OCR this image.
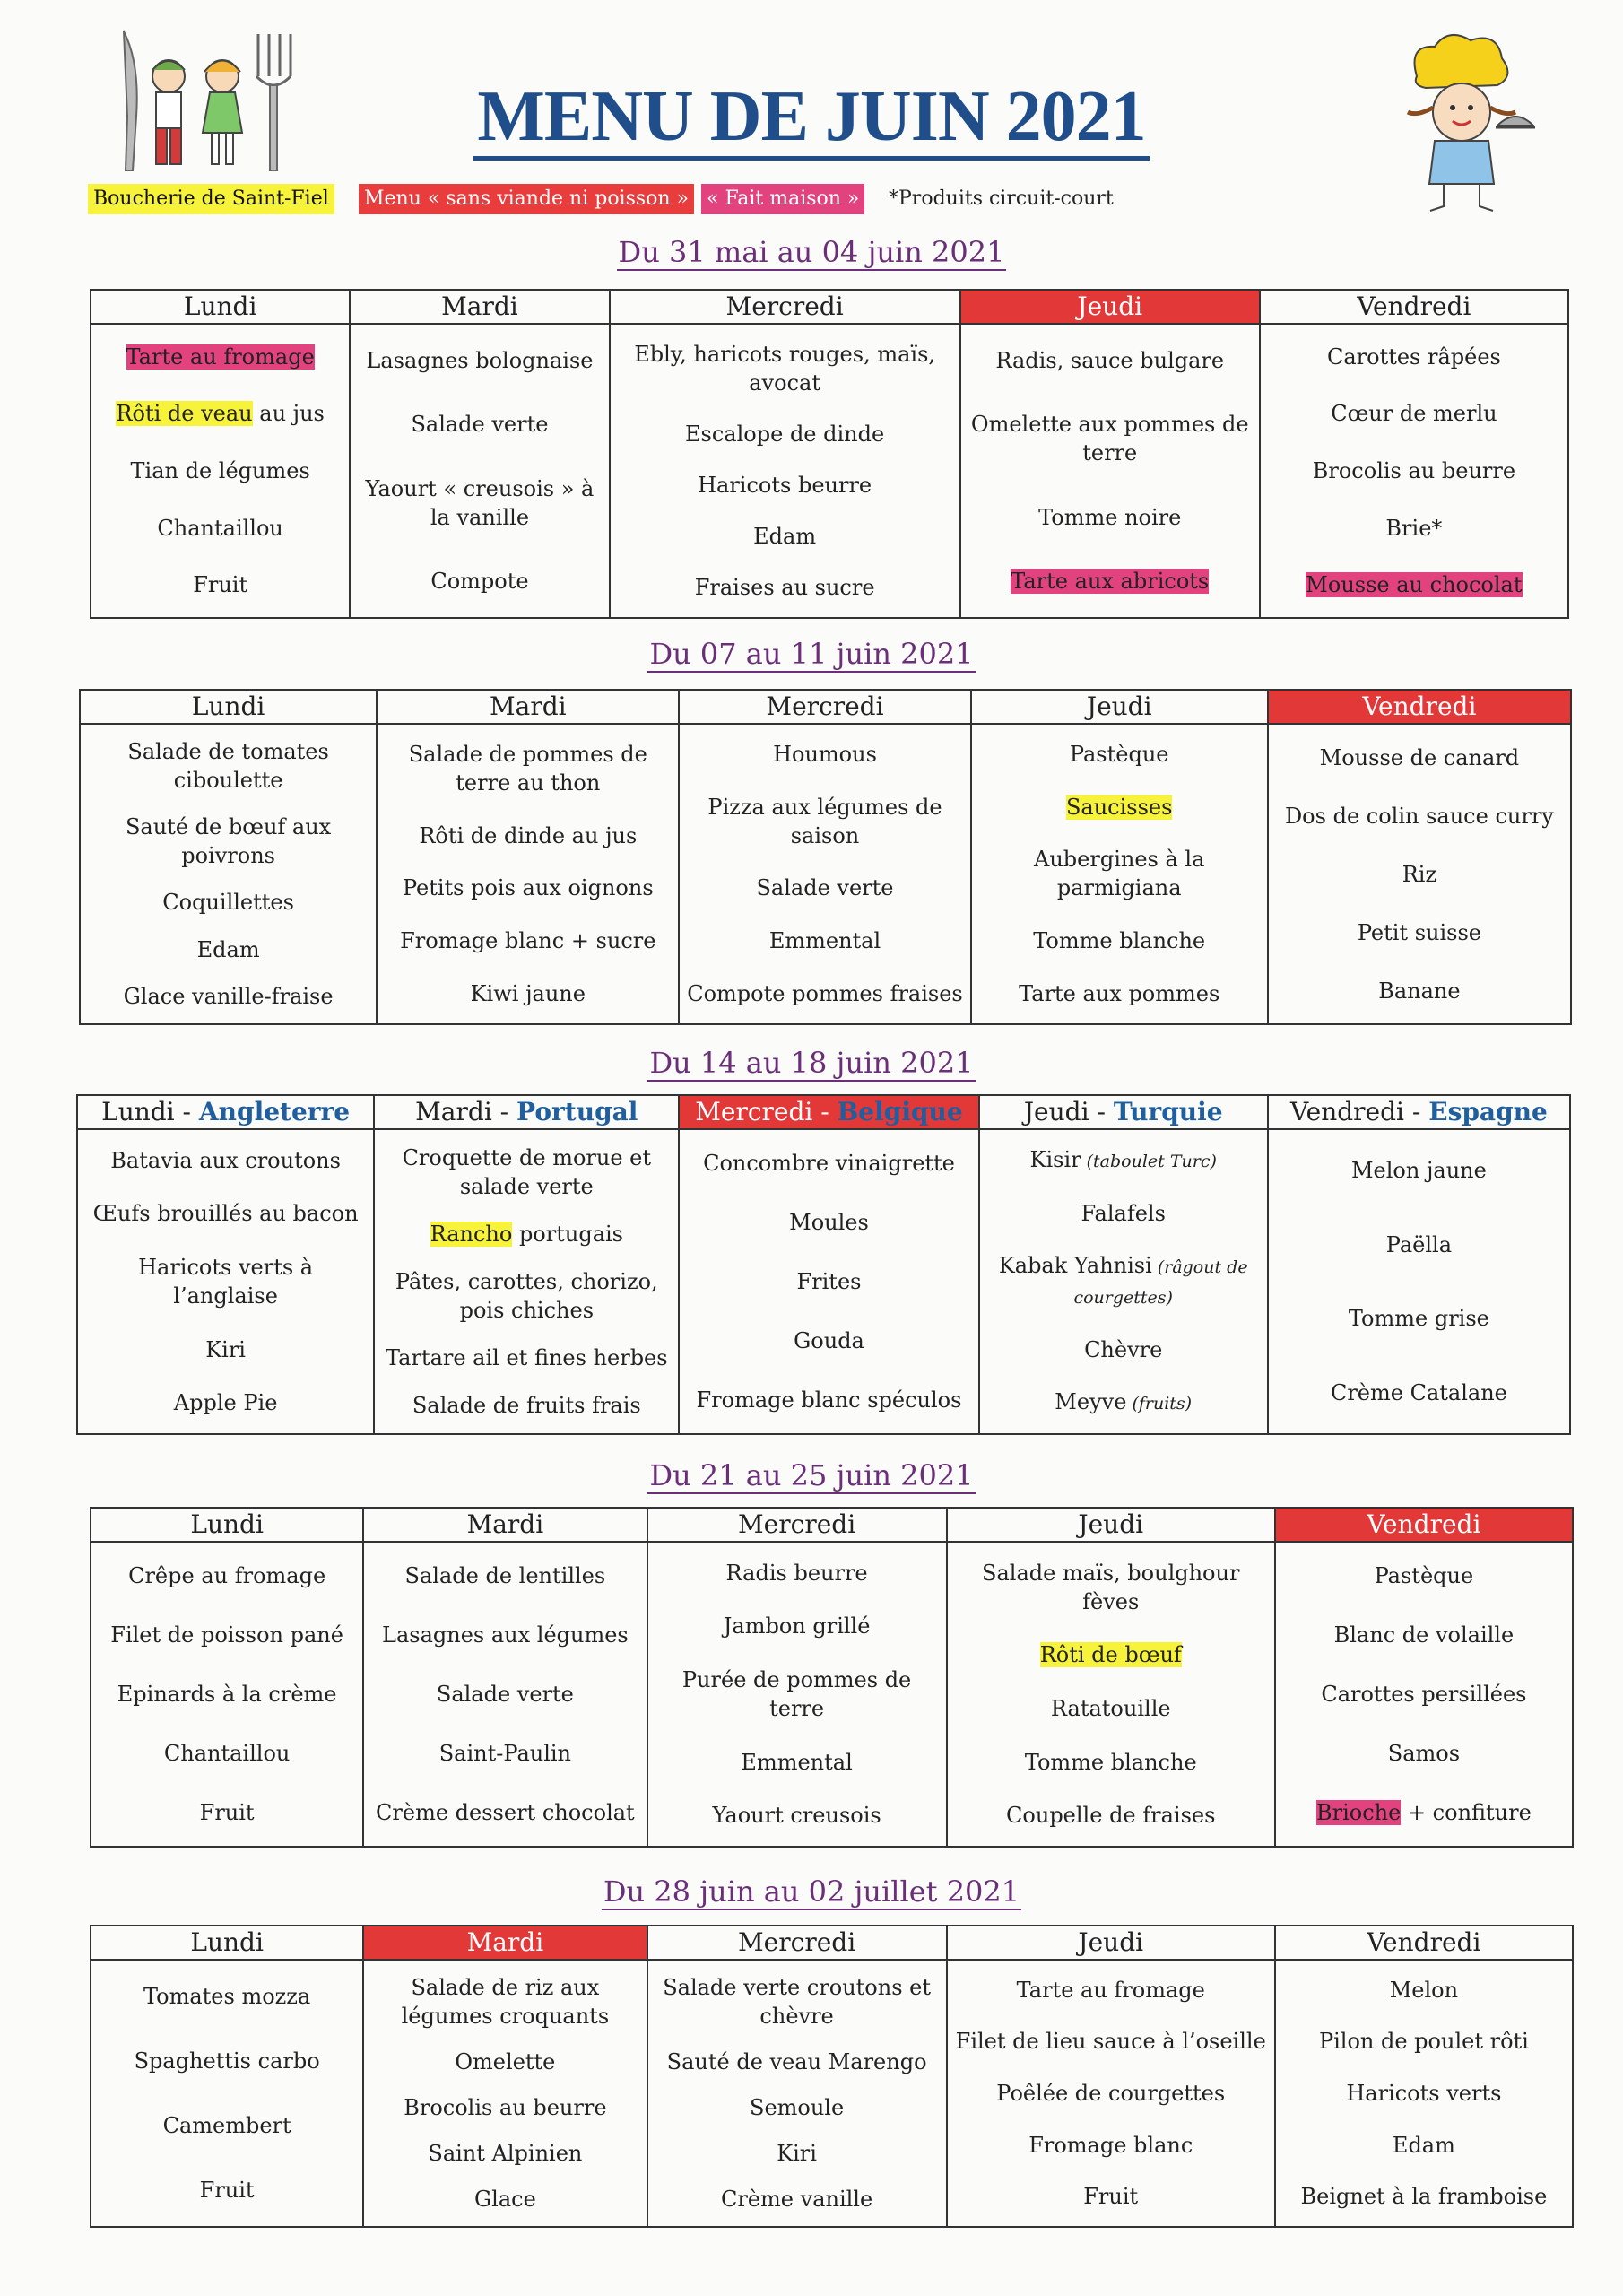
MENU DE JUIN 2021
Boucherie de Saint-Fiel Menu « sans viande ni poisson » « Fait maison » *Produits circuit-court
Du 31 mai au 04 juin 2021
Lundi
Tarte au fromage
Rôti de veau au jus
Tian de légumes
Chantaillou
Fruit
Mardi
Lasagnes bolognaise
Salade verte
Yaourt « creusois » à la vanille
Compote
Mercredi
Ebly, haricots rouges, maïs, avocat
Escalope de dinde
Haricots beurre
Edam
Fraises au sucre
Jeudi
Radis, sauce bulgare
Omelette aux pommes de terre
Tomme noire
Tarte aux abricots
Vendredi
Carottes râpées
Cœur de merlu
Brocolis au beurre
Brie*
Mousse au chocolat
Du 07 au 11 juin 2021
Lundi
Salade de tomates ciboulette
Sauté de bœuf aux poivrons
Coquillettes
Edam
Glace vanille-fraise
Mardi
Salade de pommes de terre au thon
Rôti de dinde au jus
Petits pois aux oignons
Fromage blanc + sucre
Kiwi jaune
Mercredi
Houmous
Pizza aux légumes de saison
Salade verte
Emmental
Compote pommes fraises
Jeudi
Pastèque
Saucisses
Aubergines à la parmigiana
Tomme blanche
Tarte aux pommes
Vendredi
Mousse de canard
Dos de colin sauce curry
Riz
Petit suisse
Banane
Du 14 au 18 juin 2021
Lundi - Angleterre
Batavia aux croutons
Œufs brouillés au bacon
Haricots verts à l’anglaise
Kiri
Apple Pie
Mardi - Portugal
Croquette de morue et salade verte
Rancho portugais
Pâtes, carottes, chorizo, pois chiches
Tartare ail et fines herbes
Salade de fruits frais
Mercredi - Belgique
Concombre vinaigrette
Moules
Frites
Gouda
Fromage blanc spéculos
Jeudi - Turquie
Kisir (taboulet Turc)
Falafels
Kabak Yahnisi (râgout de courgettes)
Chèvre
Meyve (fruits)
Vendredi - Espagne
Melon jaune
Paëlla
Tomme grise
Crème Catalane
Du 21 au 25 juin 2021
Lundi
Crêpe au fromage
Filet de poisson pané
Epinards à la crème
Chantaillou
Fruit
Mardi
Salade de lentilles
Lasagnes aux légumes
Salade verte
Saint-Paulin
Crème dessert chocolat
Mercredi
Radis beurre
Jambon grillé
Purée de pommes de terre
Emmental
Yaourt creusois
Jeudi
Salade maïs, boulghour fèves
Rôti de bœuf
Ratatouille
Tomme blanche
Coupelle de fraises
Vendredi
Pastèque
Blanc de volaille
Carottes persillées
Samos
Brioche + confiture
Du 28 juin au 02 juillet 2021
Lundi
Tomates mozza
Spaghettis carbo
Camembert
Fruit
Mardi
Salade de riz aux légumes croquants
Omelette
Brocolis au beurre
Saint Alpinien
Glace
Mercredi
Salade verte croutons et chèvre
Sauté de veau Marengo
Semoule
Kiri
Crème vanille
Jeudi
Tarte au fromage
Filet de lieu sauce à l’oseille
Poêlée de courgettes
Fromage blanc
Fruit
Vendredi
Melon
Pilon de poulet rôti
Haricots verts
Edam
Beignet à la framboise
